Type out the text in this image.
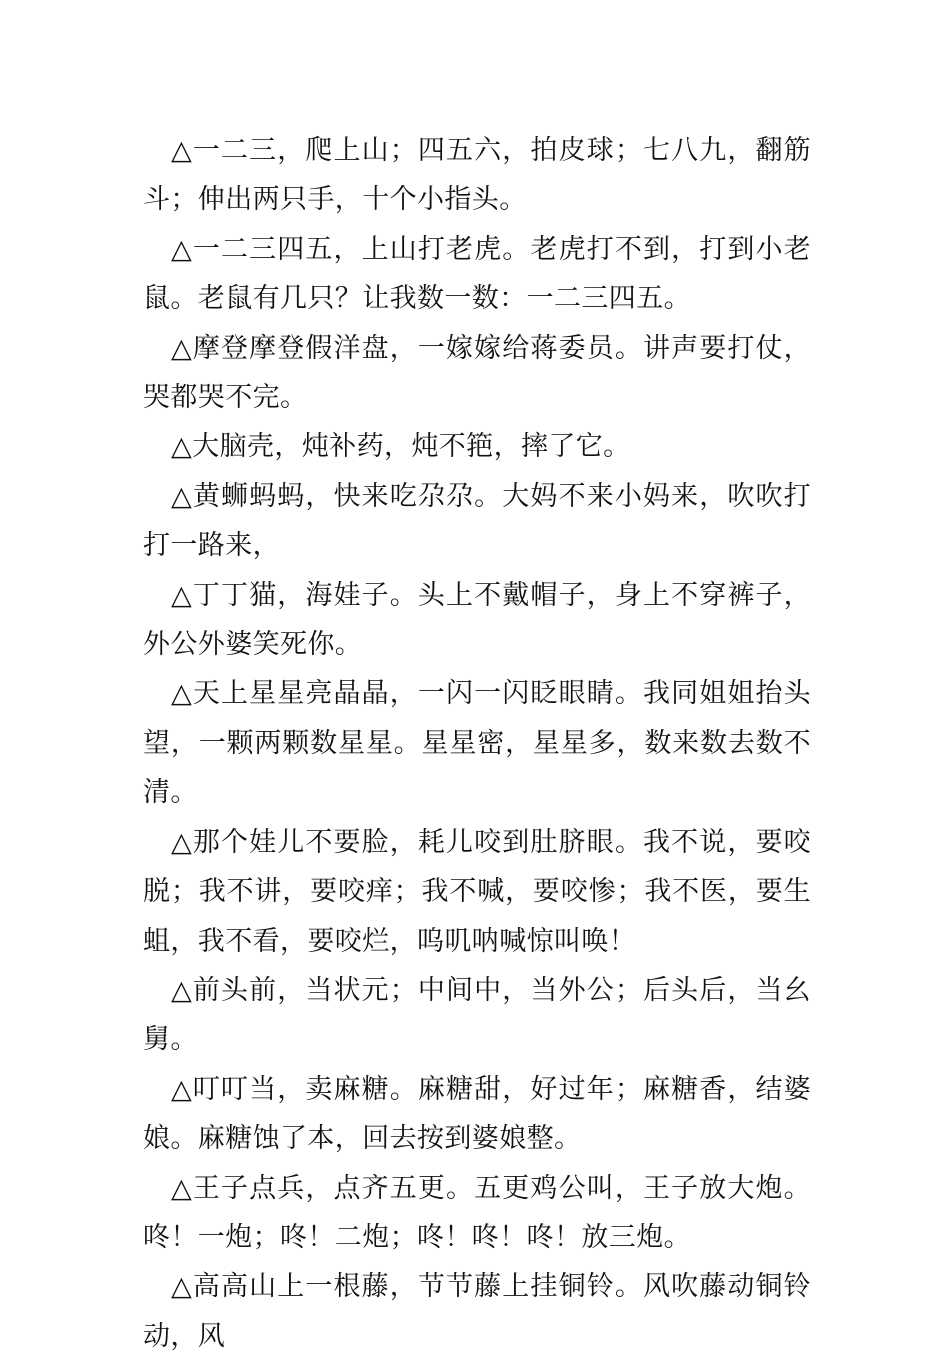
△一二三，爬上山；四五六，拍皮球；七八九，翻筋斗；伸出两只手，十个小指头。

△一二三四五，上山打老虎。老虎打不到，打到小老鼠。老鼠有几只？让我数一数：一二三四五。

△摩登摩登假洋盘，一嫁嫁给蒋委员。讲声要打仗，哭都哭不完。

△大脑壳，炖补药，炖不筢，摔了它。

△黄蛳蚂蚂，快来吃尕尕。大妈不来小妈来，吹吹打打一路来，

△丁丁猫，海娃子。头上不戴帽子，身上不穿裤子，外公外婆笑死你。

△天上星星亮晶晶，一闪一闪眨眼睛。我同姐姐抬头望，一颗两颗数星星。星星密，星星多，数来数去数不清。

△那个娃儿不要脸，耗儿咬到肚脐眼。我不说，要咬脱；我不讲，要咬痒；我不喊，要咬惨；我不医，要生蛆，我不看，要咬烂，呜叽呐喊惊叫唤！

△前头前，当状元；中间中，当外公；后头后，当幺舅。

△叮叮当，卖麻糖。麻糖甜，好过年；麻糖香，结婆娘。麻糖蚀了本，回去按到婆娘整。

△王子点兵，点齐五更。五更鸡公叫，王子放大炮。咚！一炮；咚！二炮；咚！咚！咚！放三炮。

△高高山上一根藤，节节藤上挂铜铃。风吹藤动铜铃动，风
